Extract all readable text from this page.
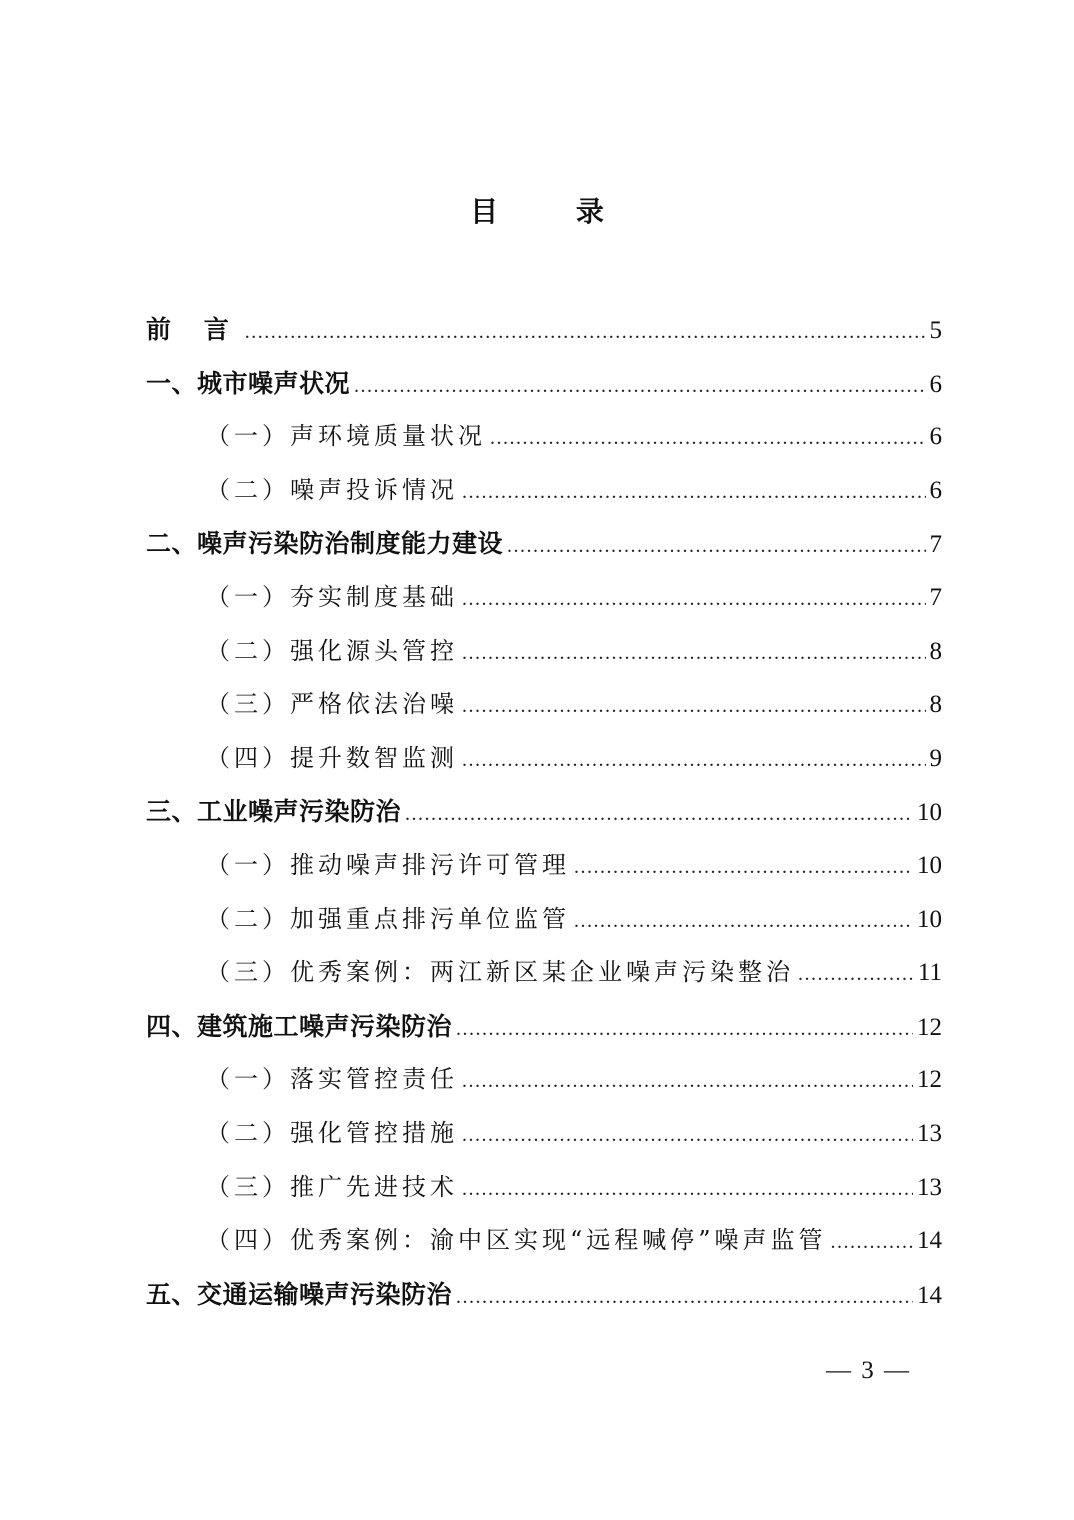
目 录
前 言 .....	5
一、城市噪声状况 .....	6
（一）声环境质量状况 .....	6
（二）噪声投诉情况 .....	6
二、噪声污染防治制度能力建设 .....	7
（一）夯实制度基础 .....	7
（二）强化源头管控 .....	8
（三）严格依法治噪 .....	8
（四）提升数智监测 .....	9
三、工业噪声污染防治 .....	10
（一）推动噪声排污许可管理 .....	10
（二）加强重点排污单位监管 .....	10
（三）优秀案例：两江新区某企业噪声污染整治 .....	11
四、建筑施工噪声污染防治 .....	12
（一）落实管控责任 .....	12
（二）强化管控措施 .....	13
（三）推广先进技术 .....	13
（四）优秀案例：渝中区实现“远程喊停”噪声监管 .....	14
五、交通运输噪声污染防治 .....	14
— 3 —
